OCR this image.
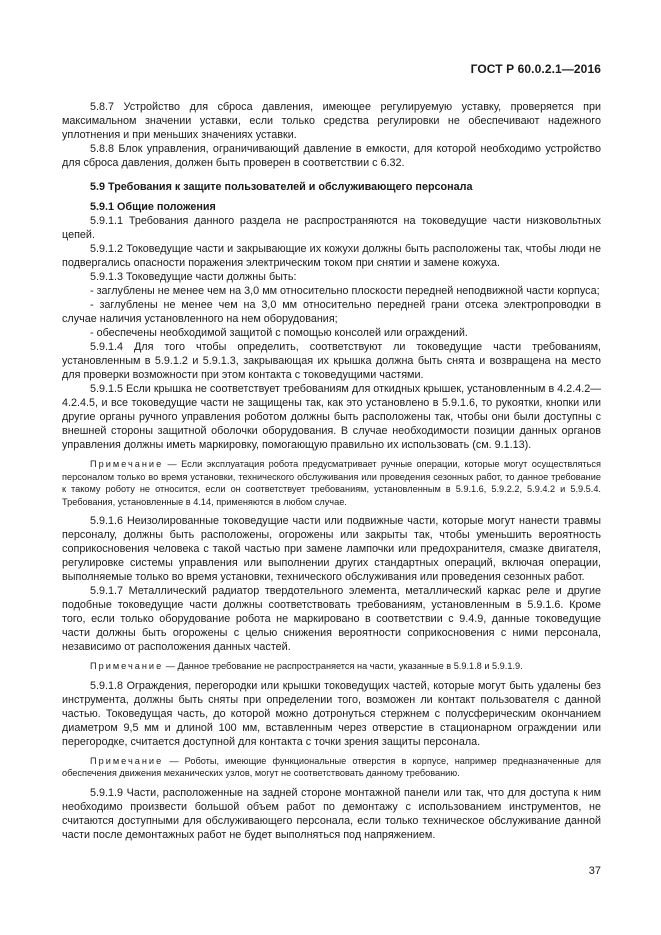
ГОСТ Р 60.0.2.1—2016

5.8.7 Устройство для сброса давления, имеющее регулируемую уставку, проверяется при максимальном значении уставки, если только средства регулировки не обеспечивают надежного уплотнения и при меньших значениях уставки.

5.8.8 Блок управления, ограничивающий давление в емкости, для которой необходимо устройство для сброса давления, должен быть проверен в соответствии с 6.32.

5.9 Требования к защите пользователей и обслуживающего персонала

5.9.1 Общие положения

5.9.1.1 Требования данного раздела не распространяются на токоведущие части низковольтных цепей.

5.9.1.2 Токоведущие части и закрывающие их кожухи должны быть расположены так, чтобы люди не подвергались опасности поражения электрическим током при снятии и замене кожуха.

5.9.1.3 Токоведущие части должны быть:

- заглублены не менее чем на 3,0 мм относительно плоскости передней неподвижной части корпуса;

- заглублены не менее чем на 3,0 мм относительно передней грани отсека электропроводки в случае наличия установленного на нем оборудования;

- обеспечены необходимой защитой с помощью консолей или ограждений.

5.9.1.4 Для того чтобы определить, соответствуют ли токоведущие части требованиям, установленным в 5.9.1.2 и 5.9.1.3, закрывающая их крышка должна быть снята и возвращена на место для проверки возможности при этом контакта с токоведущими частями.

5.9.1.5 Если крышка не соответствует требованиям для откидных крышек, установленным в 4.2.4.2—4.2.4.5, и все токоведущие части не защищены так, как это установлено в 5.9.1.6, то рукоятки, кнопки или другие органы ручного управления роботом должны быть расположены так, чтобы они были доступны с внешней стороны защитной оболочки оборудования. В случае необходимости позиции данных органов управления должны иметь маркировку, помогающую правильно их использовать (см. 9.1.13).

Примечание — Если эксплуатация робота предусматривает ручные операции, которые могут осуществляться персоналом только во время установки, технического обслуживания или проведения сезонных работ, то данное требование к такому роботу не относится, если он соответствует требованиям, установленным в 5.9.1.6, 5.9.2.2, 5.9.4.2 и 5.9.5.4. Требования, установленные в 4.14, применяются в любом случае.

5.9.1.6 Неизолированные токоведущие части или подвижные части, которые могут нанести травмы персоналу, должны быть расположены, огорожены или закрыты так, чтобы уменьшить вероятность соприкосновения человека с такой частью при замене лампочки или предохранителя, смазке двигателя, регулировке системы управления или выполнении других стандартных операций, включая операции, выполняемые только во время установки, технического обслуживания или проведения сезонных работ.

5.9.1.7 Металлический радиатор твердотельного элемента, металлический каркас реле и другие подобные токоведущие части должны соответствовать требованиям, установленным в 5.9.1.6. Кроме того, если только оборудование робота не маркировано в соответствии с 9.4.9, данные токоведущие части должны быть огорожены с целью снижения вероятности соприкосновения с ними персонала, независимо от расположения данных частей.

Примечание — Данное требование не распространяется на части, указанные в 5.9.1.8 и 5.9.1.9.

5.9.1.8 Ограждения, перегородки или крышки токоведущих частей, которые могут быть удалены без инструмента, должны быть сняты при определении того, возможен ли контакт пользователя с данной частью. Токоведущая часть, до которой можно дотронуться стержнем с полусферическим окончанием диаметром 9,5 мм и длиной 100 мм, вставленным через отверстие в стационарном ограждении или перегородке, считается доступной для контакта с точки зрения защиты персонала.

Примечание — Роботы, имеющие функциональные отверстия в корпусе, например предназначенные для обеспечения движения механических узлов, могут не соответствовать данному требованию.

5.9.1.9 Части, расположенные на задней стороне монтажной панели или так, что для доступа к ним необходимо произвести большой объем работ по демонтажу с использованием инструментов, не считаются доступными для обслуживающего персонала, если только техническое обслуживание данной части после демонтажных работ не будет выполняться под напряжением.

37
